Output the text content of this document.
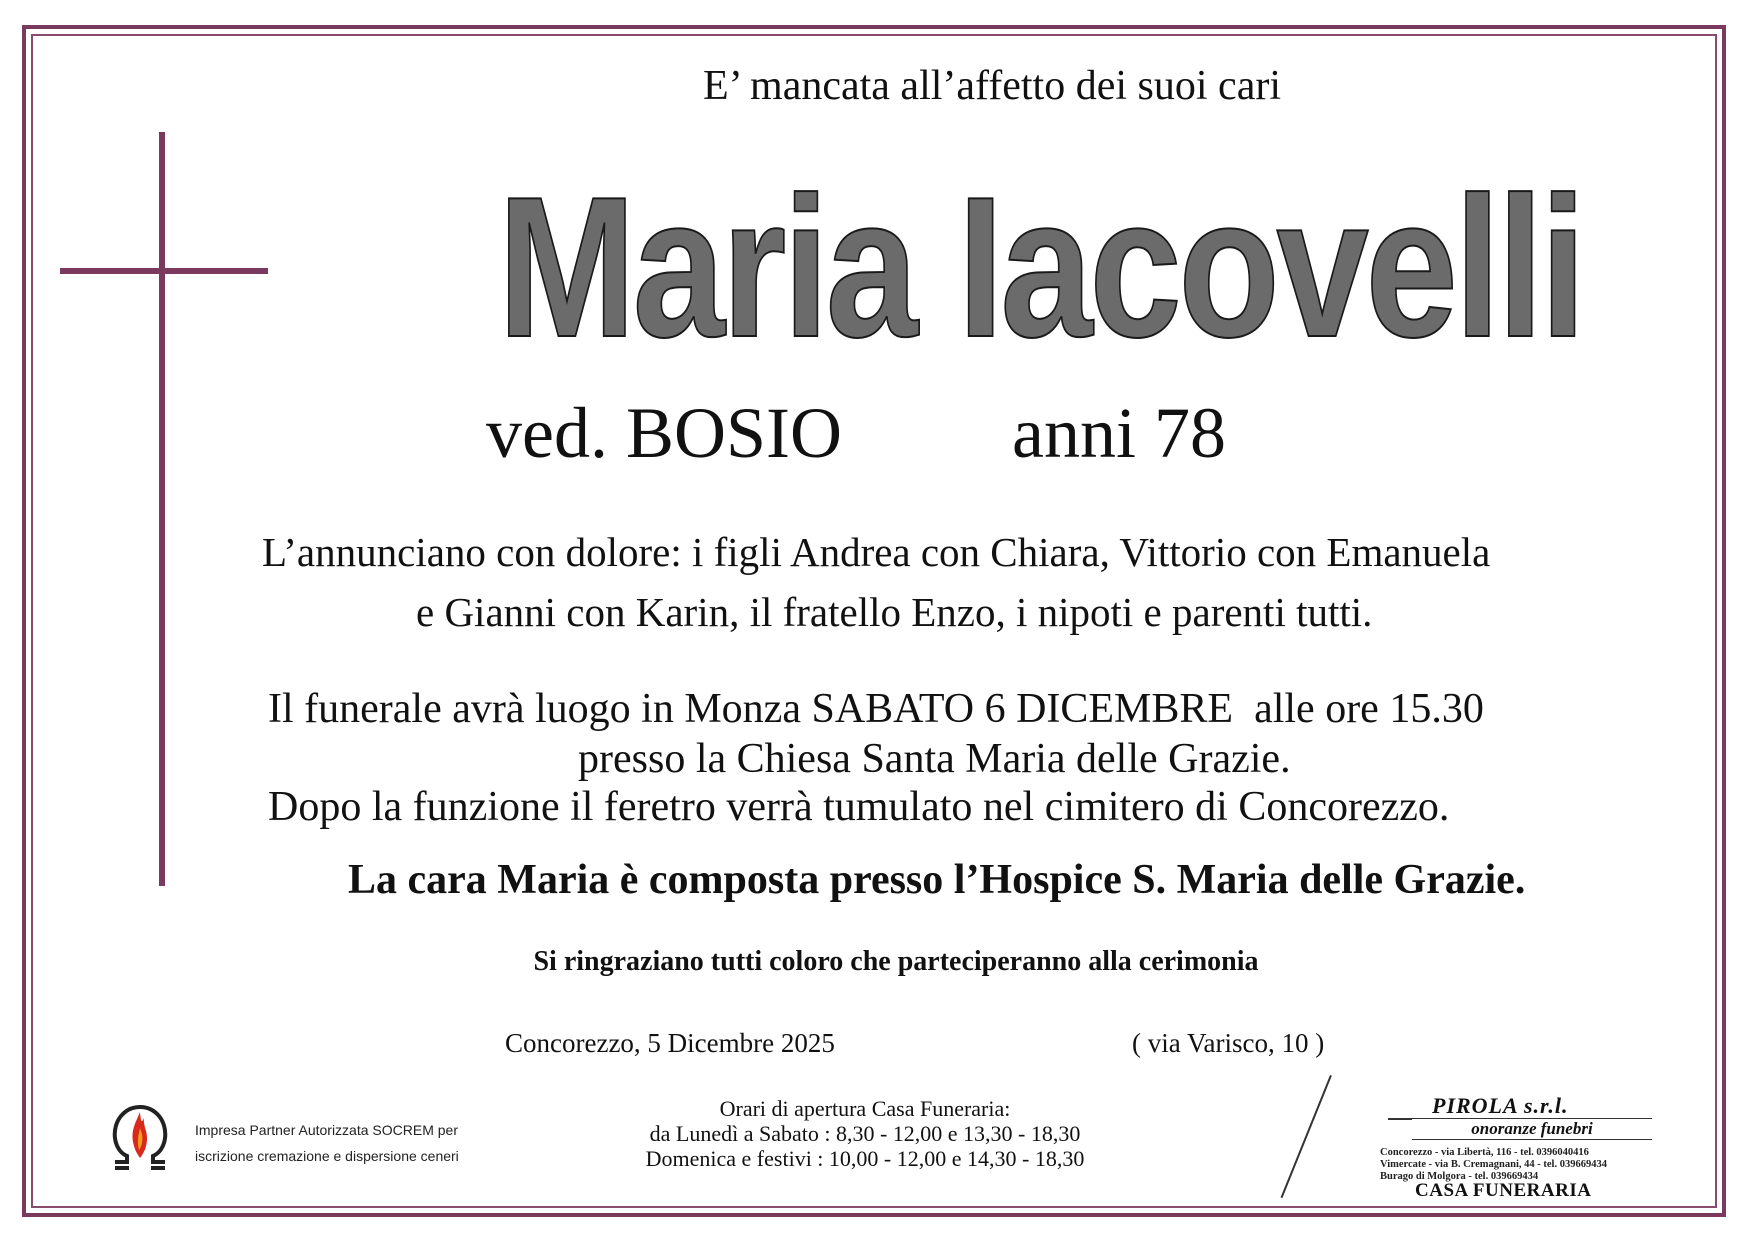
E’ mancata all’affetto dei suoi cari
Maria Iacovelli
ved. BOSIO anni 78
L’annunciano con dolore: i figli Andrea con Chiara, Vittorio con Emanuela
e Gianni con Karin, il fratello Enzo, i nipoti e parenti tutti.
Il funerale avrà luogo in Monza SABATO 6 DICEMBRE  alle ore 15.30
presso la Chiesa Santa Maria delle Grazie.
Dopo la funzione il feretro verrà tumulato nel cimitero di Concorezzo.
La cara Maria è composta presso l’Hospice S. Maria delle Grazie.
Si ringraziano tutti coloro che parteciperanno alla cerimonia
Concorezzo, 5 Dicembre 2025	( via Varisco, 10 )
Orari di apertura Casa Funeraria:
da Lunedì a Sabato : 8,30 - 12,00 e 13,30 - 18,30
Domenica e festivi : 10,00 - 12,00 e 14,30 - 18,30
Impresa Partner Autorizzata SOCREM per
iscrizione cremazione e dispersione ceneri
PIROLA s.r.l.
onoranze funebri
Concorezzo - via Libertà, 116 - tel. 0396040416
Vimercate - via B. Cremagnani, 44 - tel. 039669434
Burago di Molgora - tel. 039669434
CASA FUNERARIA
